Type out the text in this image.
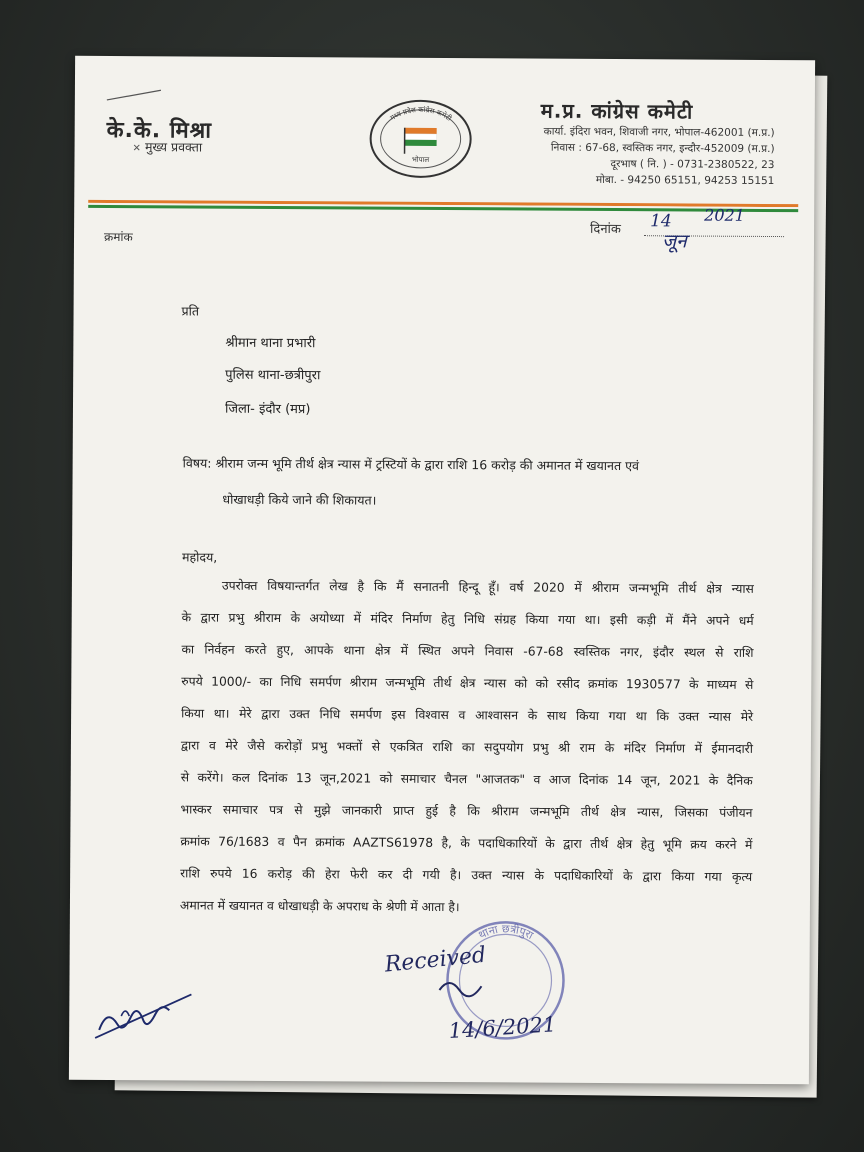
के.के. मिश्रा
✕ मुख्य प्रवक्ता
मध्य प्रदेश कांग्रेस कमेटी
भोपाल
म.प्र. कांग्रेस कमेटी
कार्या. इंदिरा भवन, शिवाजी नगर, भोपाल-462001 (म.प्र.)
निवास : 67-68, स्वस्तिक नगर, इन्दौर-452009 (म.प्र.)
दूरभाष ( नि. ) - 0731-2380522, 23
मोबा. - 94250 65151, 94253 15151
क्रमांक	दिनांक 14 2021
जून
प्रति
श्रीमान थाना प्रभारी
पुलिस थाना-छत्रीपुरा
जिला- इंदौर (मप्र)
विषय: श्रीराम जन्म भूमि तीर्थ क्षेत्र न्यास में ट्रस्टियों के द्वारा राशि 16 करोड़ की अमानत में खयानत एवं
धोखाधड़ी किये जाने की शिकायत।
महोदय,
उपरोक्त विषयान्तर्गत लेख है कि मैं सनातनी हिन्दू हूँ। वर्ष 2020 में श्रीराम जन्मभूमि तीर्थ क्षेत्र न्यास
के द्वारा प्रभु श्रीराम के अयोध्या में मंदिर निर्माण हेतु निधि संग्रह किया गया था। इसी कड़ी में मैंने अपने धर्म
का निर्वहन करते हुए, आपके थाना क्षेत्र में स्थित अपने निवास -67-68 स्वस्तिक नगर, इंदौर स्थल से राशि
रुपये 1000/- का निधि समर्पण श्रीराम जन्मभूमि तीर्थ क्षेत्र न्यास को को रसीद क्रमांक 1930577 के माध्यम से
किया था। मेरे द्वारा उक्त निधि समर्पण इस विश्वास व आश्वासन के साथ किया गया था कि उक्त न्यास मेरे
द्वारा व मेरे जैसे करोड़ों प्रभु भक्तों से एकत्रित राशि का सदुपयोग प्रभु श्री राम के मंदिर निर्माण में ईमानदारी
से करेंगे। कल दिनांक 13 जून,2021 को समाचार चैनल "आजतक" व आज दिनांक 14 जून, 2021 के दैनिक
भास्कर समाचार पत्र से मुझे जानकारी प्राप्त हुई है कि श्रीराम जन्मभूमि तीर्थ क्षेत्र न्यास, जिसका पंजीयन
क्रमांक 76/1683 व पैन क्रमांक AAZTS61978 है, के पदाधिकारियों के द्वारा तीर्थ क्षेत्र हेतु भूमि क्रय करने में
राशि रुपये 16 करोड़ की हेरा फेरी कर दी गयी है। उक्त न्यास के पदाधिकारियों के द्वारा किया गया कृत्य
अमानत में खयानत व धोखाधड़ी के अपराध के श्रेणी में आता है।
थाना छत्रीपुरा
Received
14/6/2021
